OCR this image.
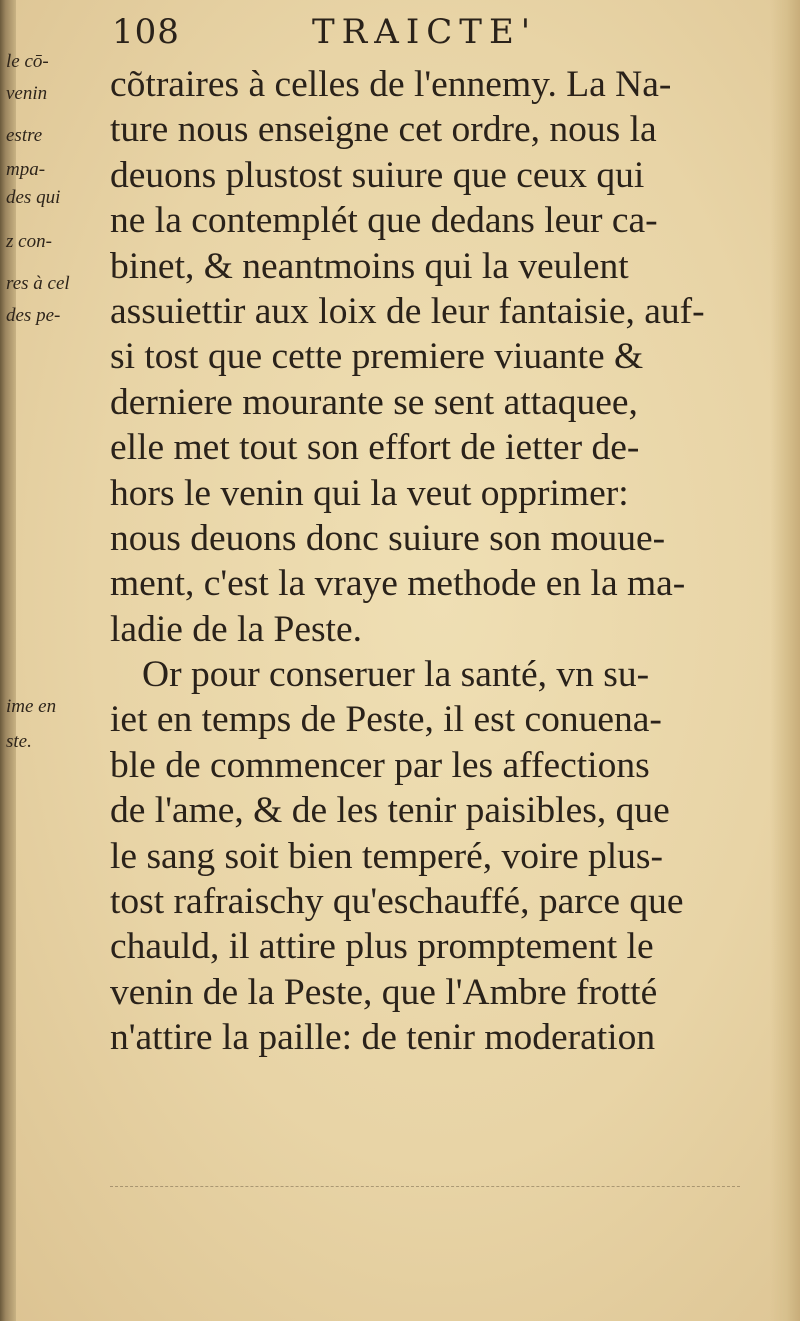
108	TRAICTE'
le cō-
venin
estre
mpa-
des qui
z con-
res à cel
des pe-
ime en
ste.
cõtraires à celles de l'ennemy. La Na-
ture nous enseigne cet ordre, nous la
deuons plustost suiure que ceux qui
ne la contemplét que dedans leur ca-
binet, & neantmoins qui la veulent
assuiettir aux loix de leur fantaisie, auf-
si tost que cette premiere viuante &
derniere mourante se sent attaquee,
elle met tout son effort de ietter de-
hors le venin qui la veut opprimer:
nous deuons donc suiure son mouue-
ment, c'est la vraye methode en la ma-
ladie de la Peste.
Or pour conseruer la santé, vn su-
iet en temps de Peste, il est conuena-
ble de commencer par les affections
de l'ame, & de les tenir paisibles, que
le sang soit bien temperé, voire plus-
tost rafraischy qu'eschauffé, parce que
chauld, il attire plus promptement le
venin de la Peste, que l'Ambre frotté
n'attire la paille: de tenir moderation
